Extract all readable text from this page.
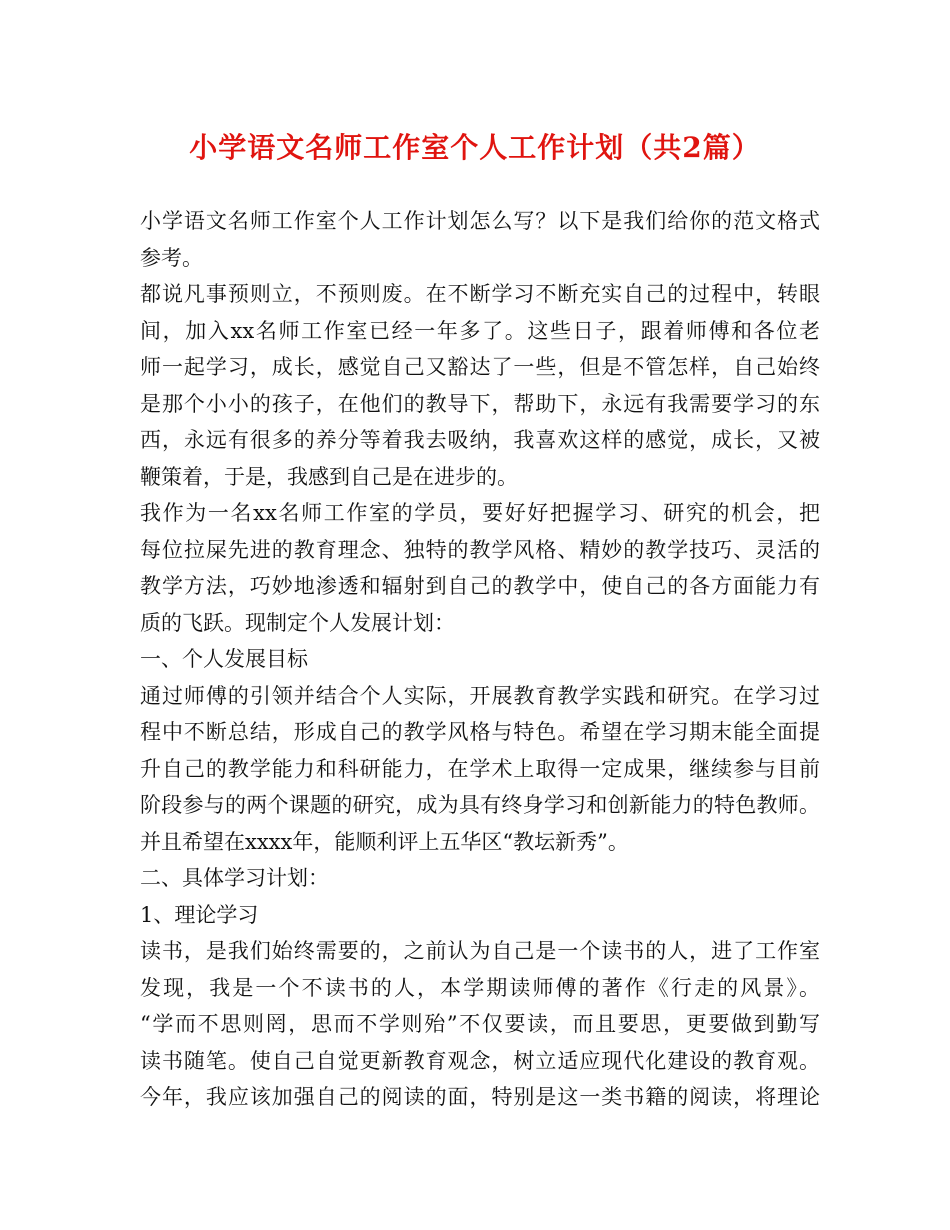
小学语文名师工作室个人工作计划（共2篇）
小学语文名师工作室个人工作计划怎么写？以下是我们给你的范文格式
参考。
都说凡事预则立，不预则废。在不断学习不断充实自己的过程中，转眼
间，加入xx名师工作室已经一年多了。这些日子，跟着师傅和各位老
师一起学习，成长，感觉自己又豁达了一些，但是不管怎样，自己始终
是那个小小的孩子，在他们的教导下，帮助下，永远有我需要学习的东
西，永远有很多的养分等着我去吸纳，我喜欢这样的感觉，成长，又被
鞭策着，于是，我感到自己是在进步的。
我作为一名xx名师工作室的学员，要好好把握学习、研究的机会，把
每位拉屎先进的教育理念、独特的教学风格、精妙的教学技巧、灵活的
教学方法，巧妙地渗透和辐射到自己的教学中，使自己的各方面能力有
质的飞跃。现制定个人发展计划：
一、个人发展目标
通过师傅的引领并结合个人实际，开展教育教学实践和研究。在学习过
程中不断总结，形成自己的教学风格与特色。希望在学习期末能全面提
升自己的教学能力和科研能力，在学术上取得一定成果，继续参与目前
阶段参与的两个课题的研究，成为具有终身学习和创新能力的特色教师。
并且希望在xxxx年，能顺利评上五华区“教坛新秀”。
二、具体学习计划：
1、理论学习
读书，是我们始终需要的，之前认为自己是一个读书的人，进了工作室
发现，我是一个不读书的人，本学期读师傅的著作《行走的风景》。
“学而不思则罔，思而不学则殆”不仅要读，而且要思，更要做到勤写
读书随笔。使自己自觉更新教育观念，树立适应现代化建设的教育观。
今年，我应该加强自己的阅读的面，特别是这一类书籍的阅读，将理论
